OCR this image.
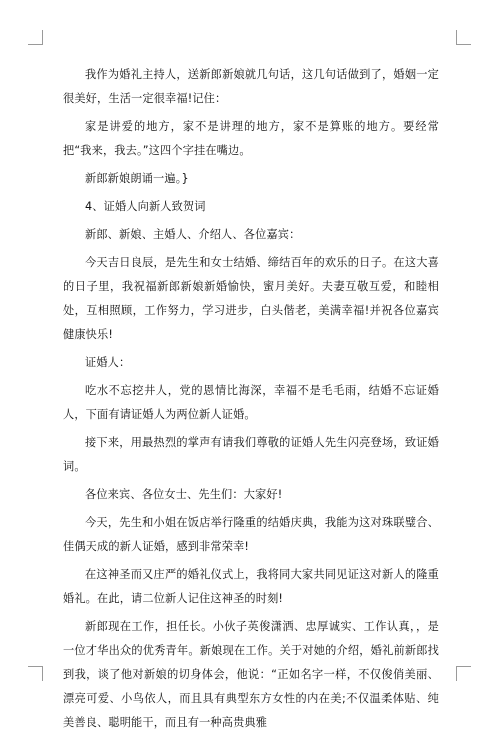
我作为婚礼主持人，送新郎新娘就几句话，这几句话做到了，婚姻一定很美好，生活一定很幸福!记住：

家是讲爱的地方，家不是讲理的地方，家不是算账的地方。要经常把“我来，我去。”这四个字挂在嘴边。

新郎新娘朗诵一遍。}

4、证婚人向新人致贺词

新郎、新娘、主婚人、介绍人、各位嘉宾：

今天吉日良辰，是先生和女士结婚、缔结百年的欢乐的日子。在这大喜的日子里，我祝福新郎新娘新婚愉快，蜜月美好。夫妻互敬互爱，和睦相处，互相照顾，工作努力，学习进步，白头偕老，美满幸福!并祝各位嘉宾健康快乐!

证婚人：

吃水不忘挖井人，党的恩情比海深，幸福不是毛毛雨，结婚不忘证婚人，下面有请证婚人为两位新人证婚。

接下来，用最热烈的掌声有请我们尊敬的证婚人先生闪亮登场，致证婚词。

各位来宾、各位女士、先生们：大家好!

今天，先生和小姐在饭店举行隆重的结婚庆典，我能为这对珠联璧合、佳偶天成的新人证婚，感到非常荣幸!

在这神圣而又庄严的婚礼仪式上，我将同大家共同见证这对新人的隆重婚礼。在此，请二位新人记住这神圣的时刻!

新郎现在工作，担任长。小伙子英俊潇洒、忠厚诚实、工作认真，，是一位才华出众的优秀青年。新娘现在工作。关于对她的介绍，婚礼前新郎找到我，谈了他对新娘的切身体会，他说：“正如名字一样，不仅俊俏美丽、漂亮可爱、小鸟依人，而且具有典型东方女性的内在美;不仅温柔体贴、纯美善良、聪明能干，而且有一种高贵典雅
